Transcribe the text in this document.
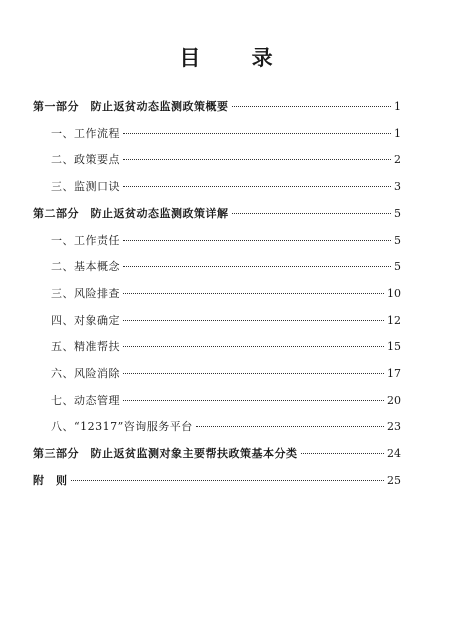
目 录
第一部分　防止返贫动态监测政策概要	1
一、工作流程	1
二、政策要点	2
三、监测口诀	3
第二部分　防止返贫动态监测政策详解	5
一、工作责任	5
二、基本概念	5
三、风险排查	10
四、对象确定	12
五、精准帮扶	15
六、风险消除	17
七、动态管理	20
八、“12317”咨询服务平台	23
第三部分　防止返贫监测对象主要帮扶政策基本分类	24
附　则	25
